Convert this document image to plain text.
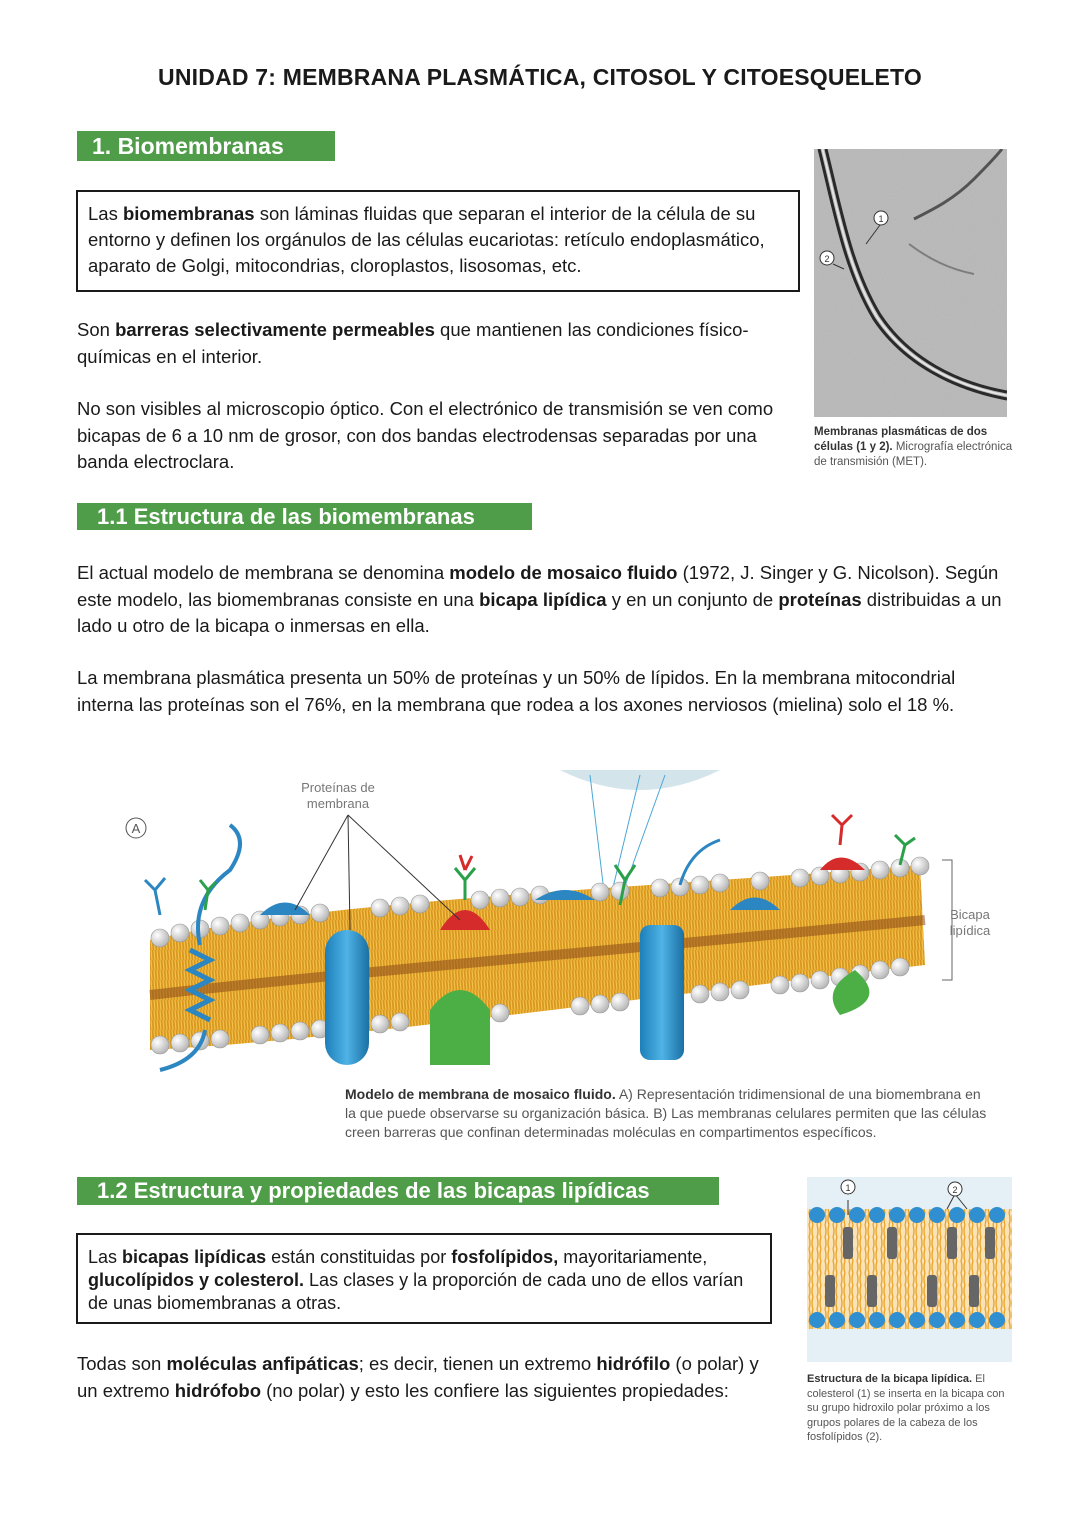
UNIDAD 7: MEMBRANA PLASMÁTICA, CITOSOL Y CITOESQUELETO
1. Biomembranas
Las biomembranas son láminas fluidas que separan el interior de la célula de su entorno y definen los orgánulos de las células eucariotas: retículo endoplasmático, aparato de Golgi, mitocondrias, cloroplastos, lisosomas, etc.
Son barreras selectivamente permeables que mantienen las condiciones físico-químicas en el interior.
No son visibles al microscopio óptico. Con el electrónico de transmisión se ven como bicapas de 6 a 10 nm de grosor, con dos bandas electrodensas separadas por una banda electroclara.
1
2
Membranas plasmáticas de dos células (1 y 2). Micrografía electrónica de transmisión (MET).
1.1 Estructura de las biomembranas
El actual modelo de membrana se denomina modelo de mosaico fluido (1972, J. Singer y G. Nicolson). Según este modelo, las biomembranas consiste en una bicapa lipídica y en un conjunto de proteínas distribuidas a un lado u otro de la bicapa o inmersas en ella.
La membrana plasmática presenta un 50% de proteínas y un 50% de lípidos. En la membrana mitocondrial interna las proteínas son el 76%, en la membrana que rodea a los axones nerviosos (mielina) solo el 18 %.
A
Proteínas de membrana
Bicapa lipídica
Modelo de membrana de mosaico fluido. A) Representación tridimensional de una biomembrana en la que puede observarse su organización básica. B) Las membranas celulares permiten que las células creen barreras que confinan determinadas moléculas en compartimentos específicos.
1.2 Estructura y propiedades de las bicapas lipídicas
Las bicapas lipídicas están constituidas por fosfolípidos, mayoritariamente, glucolípidos y colesterol. Las clases y la proporción de cada uno de ellos varían de unas biomembranas a otras.
Todas son moléculas anfipáticas; es decir, tienen un extremo hidrófilo (o polar) y un extremo hidrófobo (no polar) y esto les confiere las siguientes propiedades:
1	2
Estructura de la bicapa lipídica. El colesterol (1) se inserta en la bicapa con su grupo hidroxilo polar próximo a los grupos polares de la cabeza de los fosfolípidos (2).
